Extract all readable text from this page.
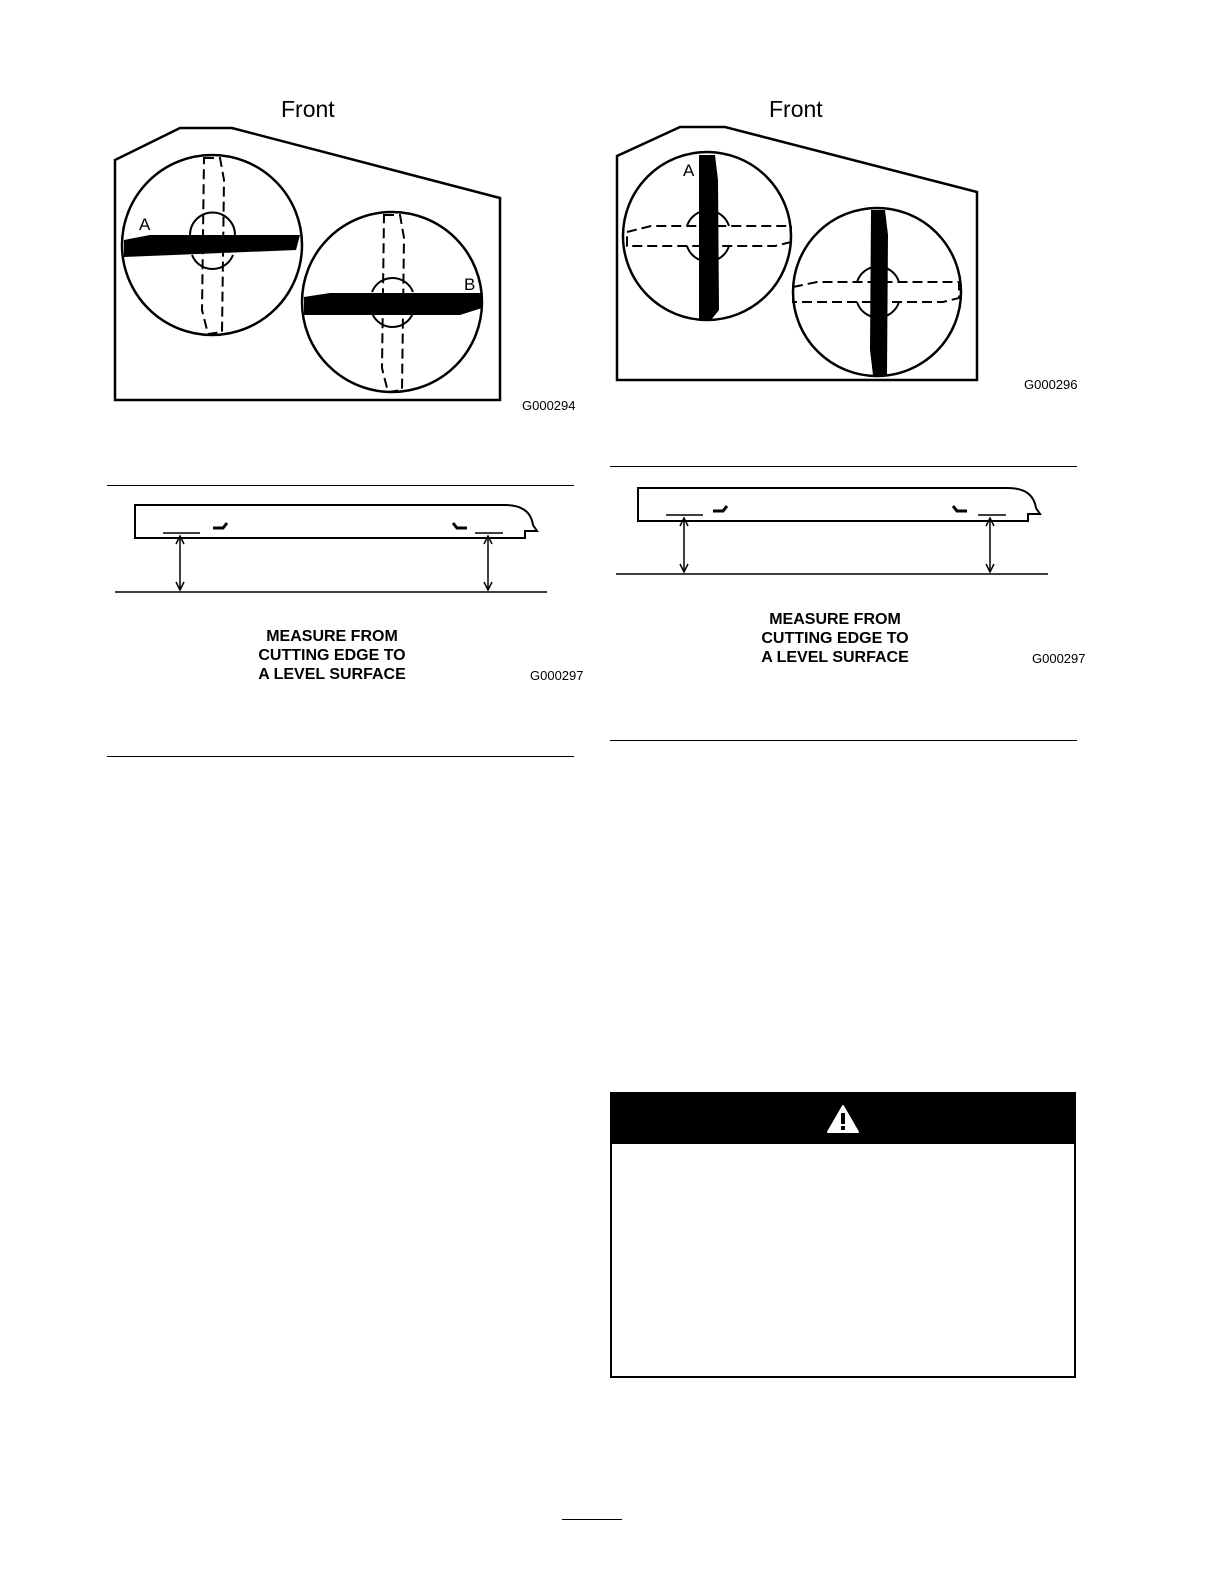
Front
A
B
G000294
Front
A
G000296
MEASURE FROM
CUTTING EDGE TO
A LEVEL SURFACE	G000297
MEASURE FROM
CUTTING EDGE TO
A LEVEL SURFACE	G000297
